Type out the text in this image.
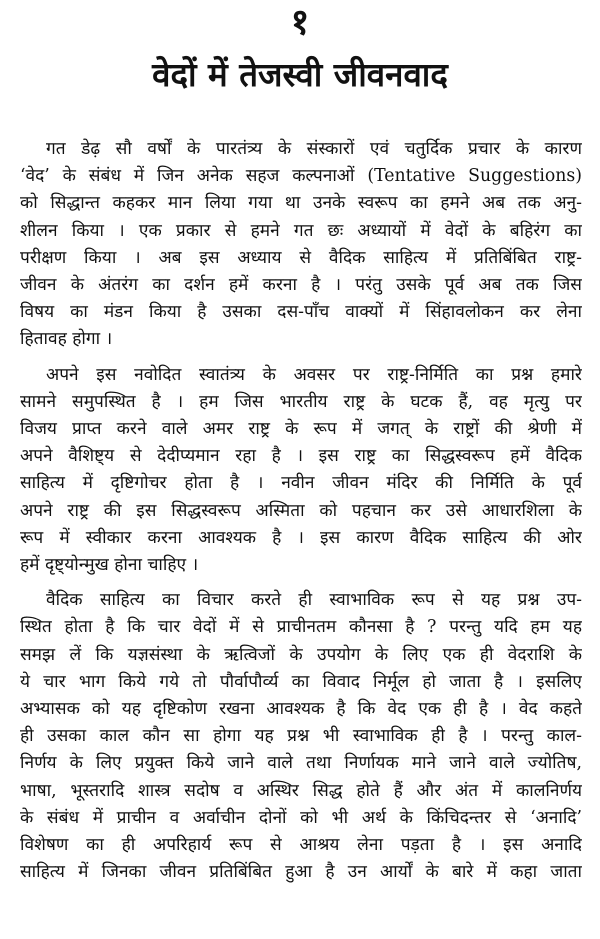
१
वेदों में तेजस्वी जीवनवाद
गत डेढ़ सौ वर्षों के पारतंत्र्य के संस्कारों एवं चतुर्दिक प्रचार के कारण
‘वेद’ के संबंध में जिन अनेक सहज कल्पनाओं (Tentative Suggestions)
को सिद्धान्त कहकर मान लिया गया था उनके स्वरूप का हमने अब तक अनु-
शीलन किया । एक प्रकार से हमने गत छः अध्यायों में वेदों के बहिरंग का
परीक्षण किया । अब इस अध्याय से वैदिक साहित्य में प्रतिबिंबित राष्ट्र-
जीवन के अंतरंग का दर्शन हमें करना है । परंतु उसके पूर्व अब तक जिस
विषय का मंडन किया है उसका दस-पाँच वाक्यों में सिंहावलोकन कर लेना
हितावह होगा ।
अपने इस नवोदित स्वातंत्र्य के अवसर पर राष्ट्र-निर्मिति का प्रश्न हमारे
सामने समुपस्थित है । हम जिस भारतीय राष्ट्र के घटक हैं, वह मृत्यु पर
विजय प्राप्त करने वाले अमर राष्ट्र के रूप में जगत् के राष्ट्रों की श्रेणी में
अपने वैशिष्ट्य से देदीप्यमान रहा है । इस राष्ट्र का सिद्धस्वरूप हमें वैदिक
साहित्य में दृष्टिगोचर होता है । नवीन जीवन मंदिर की निर्मिति के पूर्व
अपने राष्ट्र की इस सिद्धस्वरूप अस्मिता को पहचान कर उसे आधारशिला के
रूप में स्वीकार करना आवश्यक है । इस कारण वैदिक साहित्य की ओर
हमें दृष्ट्योन्मुख होना चाहिए ।
वैदिक साहित्य का विचार करते ही स्वाभाविक रूप से यह प्रश्न उप-
स्थित होता है कि चार वेदों में से प्राचीनतम कौनसा है ? परन्तु यदि हम यह
समझ लें कि यज्ञसंस्था के ऋत्विजों के उपयोग के लिए एक ही वेदराशि के
ये चार भाग किये गये तो पौर्वापौर्व्य का विवाद निर्मूल हो जाता है । इसलिए
अभ्यासक को यह दृष्टिकोण रखना आवश्यक है कि वेद एक ही है । वेद कहते
ही उसका काल कौन सा होगा यह प्रश्न भी स्वाभाविक ही है । परन्तु काल-
निर्णय के लिए प्रयुक्त किये जाने वाले तथा निर्णायक माने जाने वाले ज्योतिष,
भाषा, भूस्तरादि शास्त्र सदोष व अस्थिर सिद्ध होते हैं और अंत में कालनिर्णय
के संबंध में प्राचीन व अर्वाचीन दोनों को भी अर्थ के किंचिदन्तर से ‘अनादि’
विशेषण का ही अपरिहार्य रूप से आश्रय लेना पड़ता है । इस अनादि
साहित्य में जिनका जीवन प्रतिबिंबित हुआ है उन आर्यों के बारे में कहा जाता
